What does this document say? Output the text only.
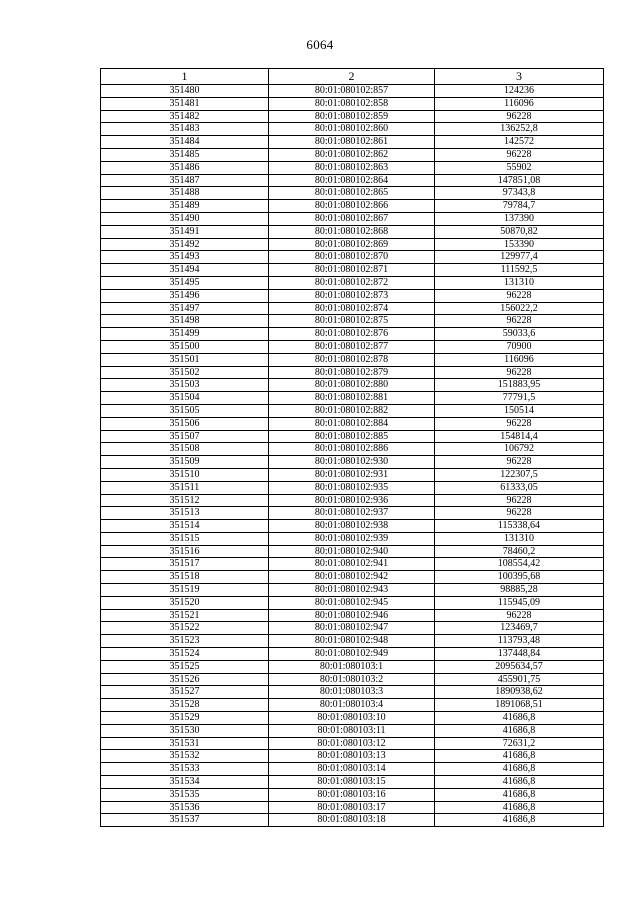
6064
1	2	3
351480	80:01:080102:857	124236
351481	80:01:080102:858	116096
351482	80:01:080102:859	96228
351483	80:01:080102:860	136252,8
351484	80:01:080102:861	142572
351485	80:01:080102:862	96228
351486	80:01:080102:863	55902
351487	80:01:080102:864	147851,08
351488	80:01:080102:865	97343,8
351489	80:01:080102:866	79784,7
351490	80:01:080102:867	137390
351491	80:01:080102:868	50870,82
351492	80:01:080102:869	153390
351493	80:01:080102:870	129977,4
351494	80:01:080102:871	111592,5
351495	80:01:080102:872	131310
351496	80:01:080102:873	96228
351497	80:01:080102:874	156022,2
351498	80:01:080102:875	96228
351499	80:01:080102:876	59033,6
351500	80:01:080102:877	70900
351501	80:01:080102:878	116096
351502	80:01:080102:879	96228
351503	80:01:080102:880	151883,95
351504	80:01:080102:881	77791,5
351505	80:01:080102:882	150514
351506	80:01:080102:884	96228
351507	80:01:080102:885	154814,4
351508	80:01:080102:886	106792
351509	80:01:080102:930	96228
351510	80:01:080102:931	122307,5
351511	80:01:080102:935	61333,05
351512	80:01:080102:936	96228
351513	80:01:080102:937	96228
351514	80:01:080102:938	115338,64
351515	80:01:080102:939	131310
351516	80:01:080102:940	78460,2
351517	80:01:080102:941	108554,42
351518	80:01:080102:942	100395,68
351519	80:01:080102:943	98885,28
351520	80:01:080102:945	115945,09
351521	80:01:080102:946	96228
351522	80:01:080102:947	123469,7
351523	80:01:080102:948	113793,48
351524	80:01:080102:949	137448,84
351525	80:01:080103:1	2095634,57
351526	80:01:080103:2	455901,75
351527	80:01:080103:3	1890938,62
351528	80:01:080103:4	1891068,51
351529	80:01:080103:10	41686,8
351530	80:01:080103:11	41686,8
351531	80:01:080103:12	72631,2
351532	80:01:080103:13	41686,8
351533	80:01:080103:14	41686,8
351534	80:01:080103:15	41686,8
351535	80:01:080103:16	41686,8
351536	80:01:080103:17	41686,8
351537	80:01:080103:18	41686,8
